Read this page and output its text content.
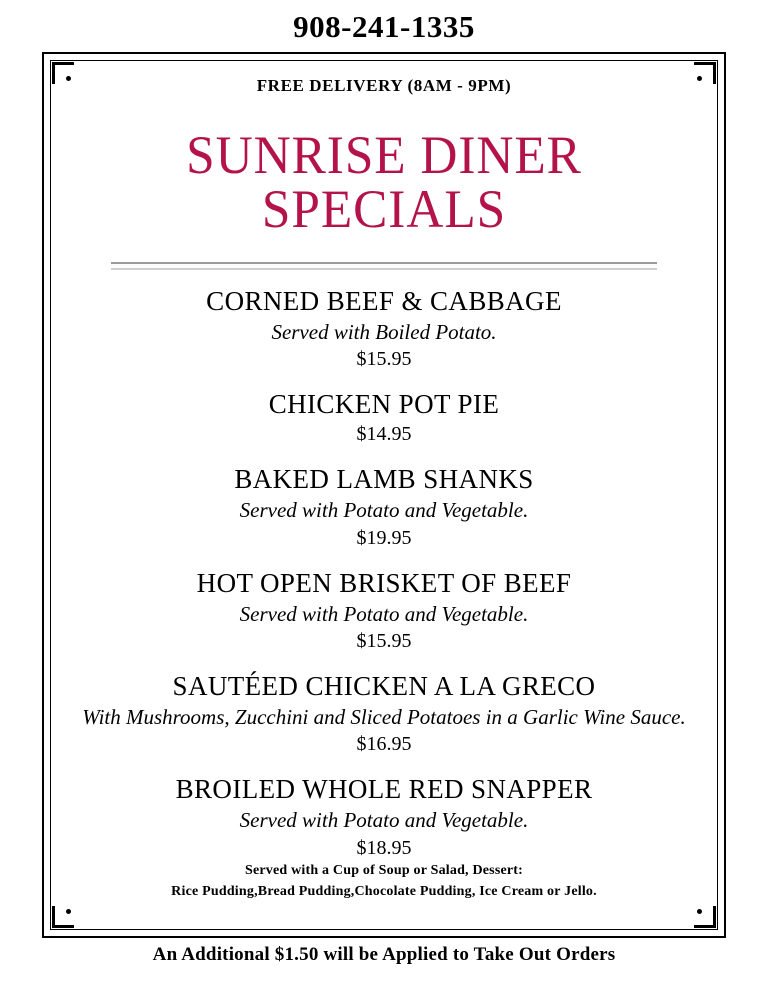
908-241-1335
FREE DELIVERY (8AM - 9PM)
SUNRISE DINER SPECIALS
CORNED BEEF & CABBAGE
Served with Boiled Potato.
$15.95
CHICKEN POT PIE
$14.95
BAKED LAMB SHANKS
Served with Potato and Vegetable.
$19.95
HOT OPEN BRISKET OF BEEF
Served with Potato and Vegetable.
$15.95
SAUTÉED CHICKEN A LA GRECO
With Mushrooms, Zucchini and Sliced Potatoes in a Garlic Wine Sauce.
$16.95
BROILED WHOLE RED SNAPPER
Served with Potato and Vegetable.
$18.95
Served with a Cup of Soup or Salad, Dessert:
Rice Pudding,Bread Pudding,Chocolate Pudding, Ice Cream or Jello.
An Additional $1.50 will be Applied to Take Out Orders
